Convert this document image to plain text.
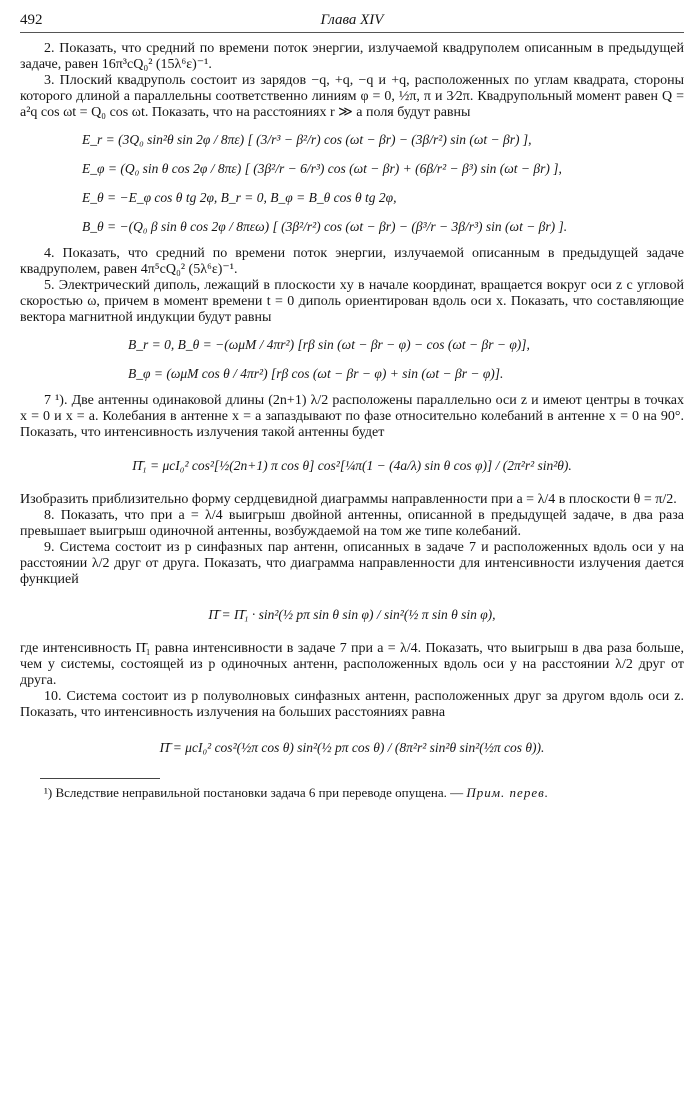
492	Глава XIV

2. Показать, что средний по времени поток энергии, излучаемой квадруполем описанным в предыдущей задаче, равен 16π³cQ₀² (15λ⁶ε)⁻¹.

3. Плоский квадруполь состоит из зарядов −q, +q, −q и +q, расположенных по углам квадрата, стороны которого длиной a параллельны соответственно линиям φ = 0, ½π, π и 3⁄2π. Квадрупольный момент равен Q = a²q cos ωt = Q₀ cos ωt. Показать, что на расстояниях r ≫ a поля будут равны

E_r = (3Q₀ sin²θ sin 2φ / 8πε) [ (3/r³ − β²/r) cos (ωt − βr) − (3β/r²) sin (ωt − βr) ],
E_φ = (Q₀ sin θ cos 2φ / 8πε) [ (3β²/r − 6/r³) cos (ωt − βr) + (6β/r² − β³) sin (ωt − βr) ],
E_θ = −E_φ cos θ tg 2φ, B_r = 0, B_φ = B_θ cos θ tg 2φ,
B_θ = −(Q₀ β sin θ cos 2φ / 8πεω) [ (3β²/r²) cos (ωt − βr) − (β³/r − 3β/r³) sin (ωt − βr) ].

4. Показать, что средний по времени поток энергии, излучаемой описанным в предыдущей задаче квадруполем, равен 4π⁵cQ₀² (5λ⁶ε)⁻¹.

5. Электрический диполь, лежащий в плоскости xy в начале координат, вращается вокруг оси z с угловой скоростью ω, причем в момент времени t = 0 диполь ориентирован вдоль оси x. Показать, что составляющие вектора магнитной индукции будут равны

B_r = 0, B_θ = −(ωμM / 4πr²) [rβ sin (ωt − βr − φ) − cos (ωt − βr − φ)],
B_φ = (ωμM cos θ / 4πr²) [rβ cos (ωt − βr − φ) + sin (ωt − βr − φ)].

7 ¹). Две антенны одинаковой длины (2n+1) λ/2 расположены параллельно оси z и имеют центры в точках x = 0 и x = a. Колебания в антенне x = a запаздывают по фазе относительно колебаний в антенне x = 0 на 90°. Показать, что интенсивность излучения такой антенны будет

Π̄₁ = μcI₀² cos²[½(2n+1) π cos θ] cos²[¼π(1 − (4a/λ) sin θ cos φ)] / (2π²r² sin²θ).

Изобразить приблизительно форму сердцевидной диаграммы направленности при a = λ/4 в плоскости θ = π/2.

8. Показать, что при a = λ/4 выигрыш двойной антенны, описанной в предыдущей задаче, в два раза превышает выигрыш одиночной антенны, возбуждаемой на том же типе колебаний.

9. Система состоит из p синфазных пар антенн, описанных в задаче 7 и расположенных вдоль оси y на расстоянии λ/2 друг от друга. Показать, что диаграмма направленности для интенсивности излучения дается функцией

Π̄ = Π̄₁ · sin²(½ pπ sin θ sin φ) / sin²(½ π sin θ sin φ),

где интенсивность Π̄₁ равна интенсивности в задаче 7 при a = λ/4. Показать, что выигрыш в два раза больше, чем у системы, состоящей из p одиночных антенн, расположенных вдоль оси y на расстоянии λ/2 друг от друга.

10. Система состоит из p полуволновых синфазных антенн, расположенных друг за другом вдоль оси z. Показать, что интенсивность излучения на больших расстояниях равна

Π̄ = μcI₀² cos²(½π cos θ) sin²(½ pπ cos θ) / (8π²r² sin²θ sin²(½π cos θ)).
¹) Вследствие неправильной постановки задача 6 при переводе опущена. — Прим. перев.
